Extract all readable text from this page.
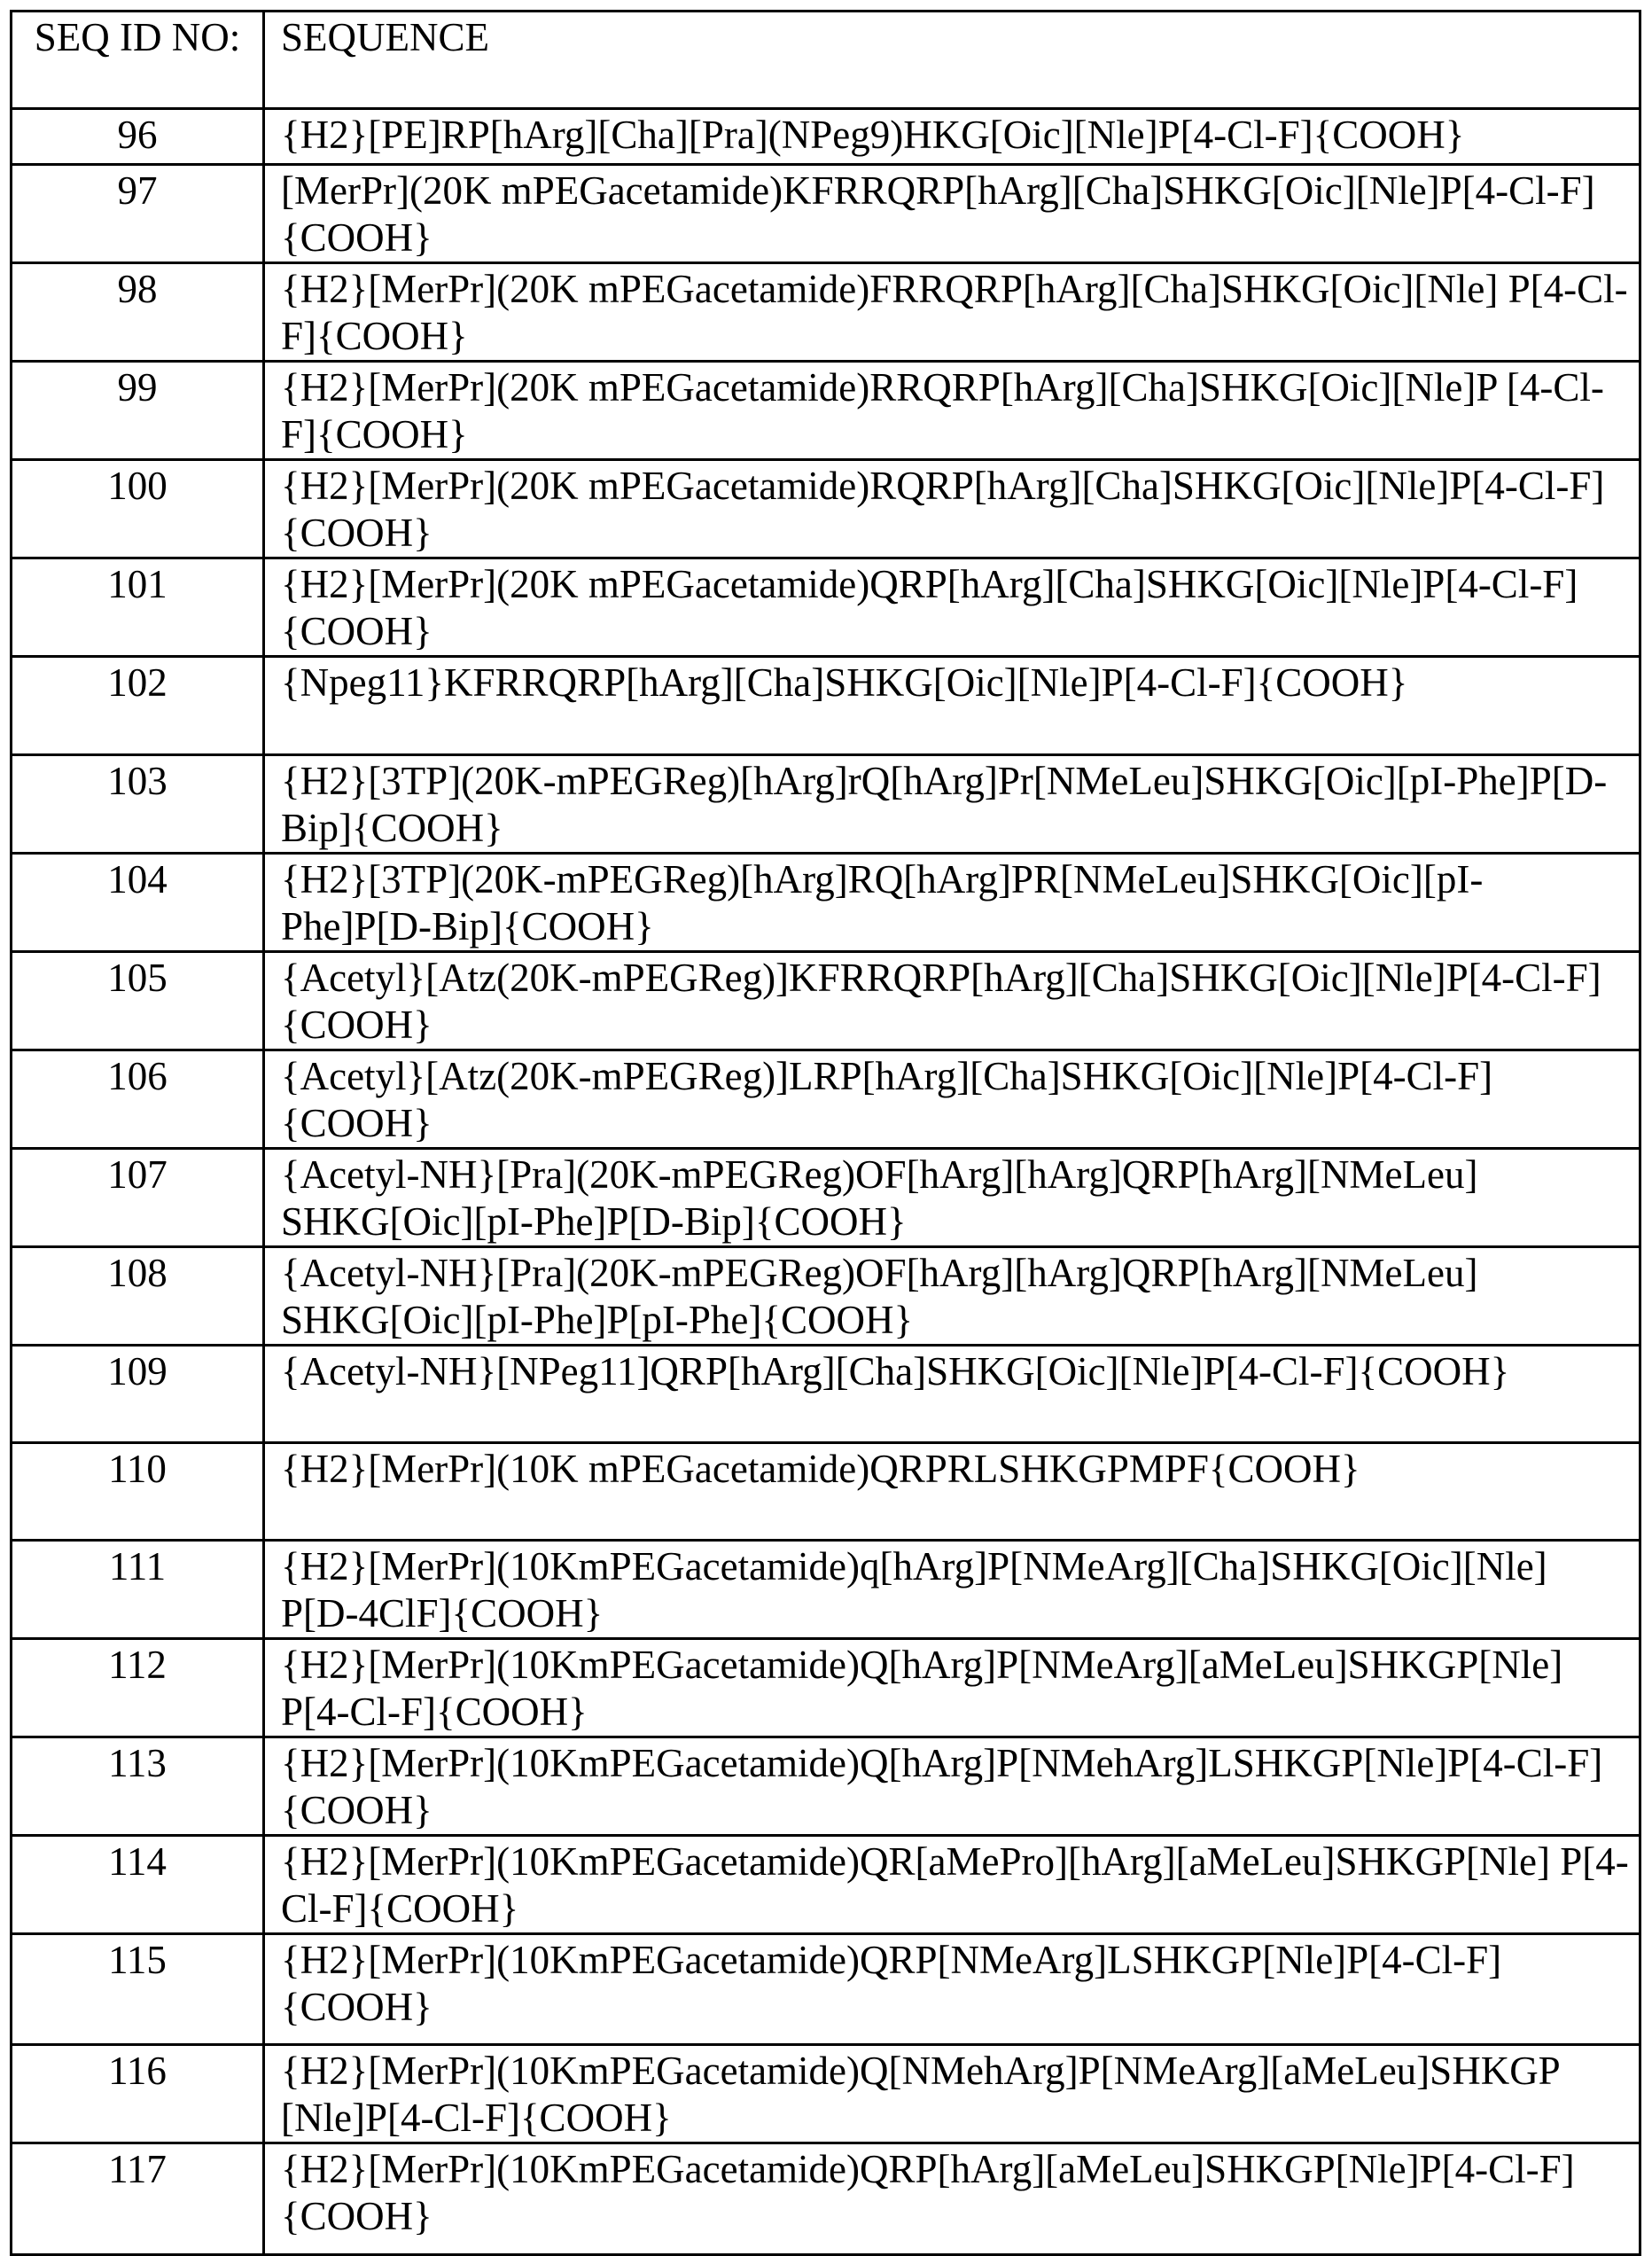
SEQ ID NO:	SEQUENCE
96	{H2}[PE]RP[hArg][Cha][Pra](NPeg9)HKG[Oic][Nle]P[4-Cl-F]{COOH}
97	[MerPr](20K mPEGacetamide)KFRRQRP[hArg][Cha]SHKG[Oic][Nle]P[4-Cl-F]{COOH}
98	{H2}[MerPr](20K mPEGacetamide)FRRQRP[hArg][Cha]SHKG[Oic][Nle] P[4-Cl-F]{COOH}
99	{H2}[MerPr](20K mPEGacetamide)RRQRP[hArg][Cha]SHKG[Oic][Nle]P [4-Cl-F]{COOH}
100	{H2}[MerPr](20K mPEGacetamide)RQRP[hArg][Cha]SHKG[Oic][Nle]P[4-Cl-F]{COOH}
101	{H2}[MerPr](20K mPEGacetamide)QRP[hArg][Cha]SHKG[Oic][Nle]P[4-Cl-F]{COOH}
102	{Npeg11}KFRRQRP[hArg][Cha]SHKG[Oic][Nle]P[4-Cl-F]{COOH}
103	{H2}[3TP](20K-mPEGReg)[hArg]rQ[hArg]Pr[NMeLeu]SHKG[Oic][pI-Phe]P[D-Bip]{COOH}
104	{H2}[3TP](20K-mPEGReg)[hArg]RQ[hArg]PR[NMeLeu]SHKG[Oic][pI-Phe]P[D-Bip]{COOH}
105	{Acetyl}[Atz(20K-mPEGReg)]KFRRQRP[hArg][Cha]SHKG[Oic][Nle]P[4-Cl-F]{COOH}
106	{Acetyl}[Atz(20K-mPEGReg)]LRP[hArg][Cha]SHKG[Oic][Nle]P[4-Cl-F] {COOH}
107	{Acetyl-NH}[Pra](20K-mPEGReg)OF[hArg][hArg]QRP[hArg][NMeLeu] SHKG[Oic][pI-Phe]P[D-Bip]{COOH}
108	{Acetyl-NH}[Pra](20K-mPEGReg)OF[hArg][hArg]QRP[hArg][NMeLeu] SHKG[Oic][pI-Phe]P[pI-Phe]{COOH}
109	{Acetyl-NH}[NPeg11]QRP[hArg][Cha]SHKG[Oic][Nle]P[4-Cl-F]{COOH}
110	{H2}[MerPr](10K mPEGacetamide)QRPRLSHKGPMPF{COOH}
111	{H2}[MerPr](10KmPEGacetamide)q[hArg]P[NMeArg][Cha]SHKG[Oic][Nle] P[D-4ClF]{COOH}
112	{H2}[MerPr](10KmPEGacetamide)Q[hArg]P[NMeArg][aMeLeu]SHKGP[Nle] P[4-Cl-F]{COOH}
113	{H2}[MerPr](10KmPEGacetamide)Q[hArg]P[NMehArg]LSHKGP[Nle]P[4-Cl-F]{COOH}
114	{H2}[MerPr](10KmPEGacetamide)QR[aMePro][hArg][aMeLeu]SHKGP[Nle] P[4-Cl-F]{COOH}
115	{H2}[MerPr](10KmPEGacetamide)QRP[NMeArg]LSHKGP[Nle]P[4-Cl-F] {COOH}
116	{H2}[MerPr](10KmPEGacetamide)Q[NMehArg]P[NMeArg][aMeLeu]SHKGP [Nle]P[4-Cl-F]{COOH}
117	{H2}[MerPr](10KmPEGacetamide)QRP[hArg][aMeLeu]SHKGP[Nle]P[4-Cl-F]{COOH}
